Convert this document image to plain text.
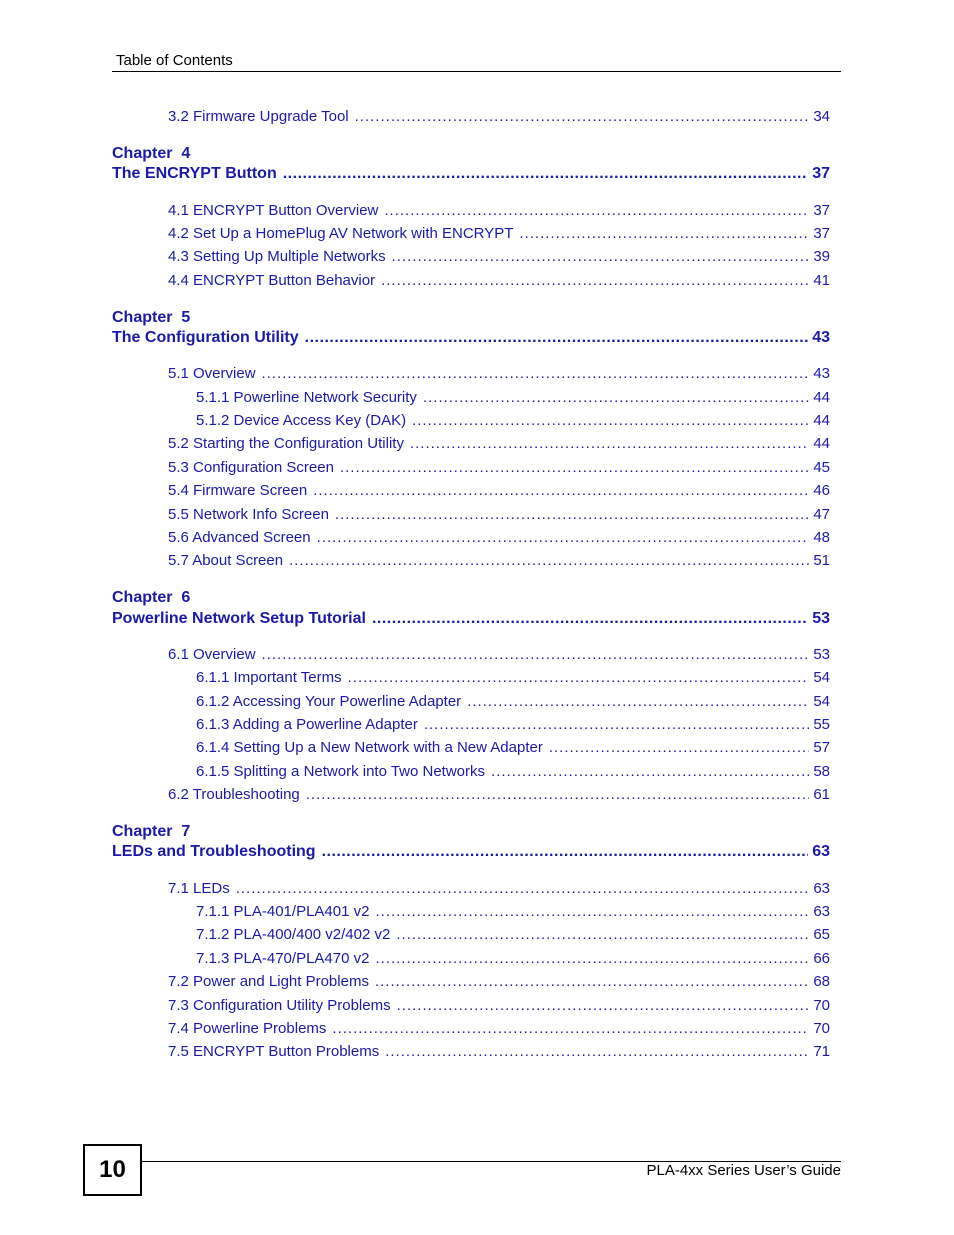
Table of Contents
3.2 Firmware Upgrade Tool .....	34
Chapter  4
The ENCRYPT Button .....	37
4.1 ENCRYPT Button Overview .....	37
4.2 Set Up a HomePlug AV Network with ENCRYPT .....	37
4.3 Setting Up Multiple Networks .....	39
4.4 ENCRYPT Button Behavior .....	41
Chapter  5
The Configuration Utility .....	43
5.1 Overview .....	43
5.1.1 Powerline Network Security .....	44
5.1.2 Device Access Key (DAK) .....	44
5.2 Starting the Configuration Utility .....	44
5.3 Configuration Screen .....	45
5.4 Firmware Screen .....	46
5.5 Network Info Screen .....	47
5.6 Advanced Screen .....	48
5.7 About Screen .....	51
Chapter  6
Powerline Network Setup Tutorial .....	53
6.1 Overview .....	53
6.1.1 Important Terms .....	54
6.1.2 Accessing Your Powerline Adapter .....	54
6.1.3 Adding a Powerline Adapter .....	55
6.1.4 Setting Up a New Network with a New Adapter .....	57
6.1.5 Splitting a Network into Two Networks .....	58
6.2 Troubleshooting .....	61
Chapter  7
LEDs and Troubleshooting .....	63
7.1 LEDs .....	63
7.1.1 PLA-401/PLA401 v2 .....	63
7.1.2 PLA-400/400 v2/402 v2 .....	65
7.1.3 PLA-470/PLA470 v2 .....	66
7.2 Power and Light Problems .....	68
7.3 Configuration Utility Problems .....	70
7.4 Powerline Problems .....	70
7.5 ENCRYPT Button Problems .....	71
10	PLA-4xx Series User’s Guide
